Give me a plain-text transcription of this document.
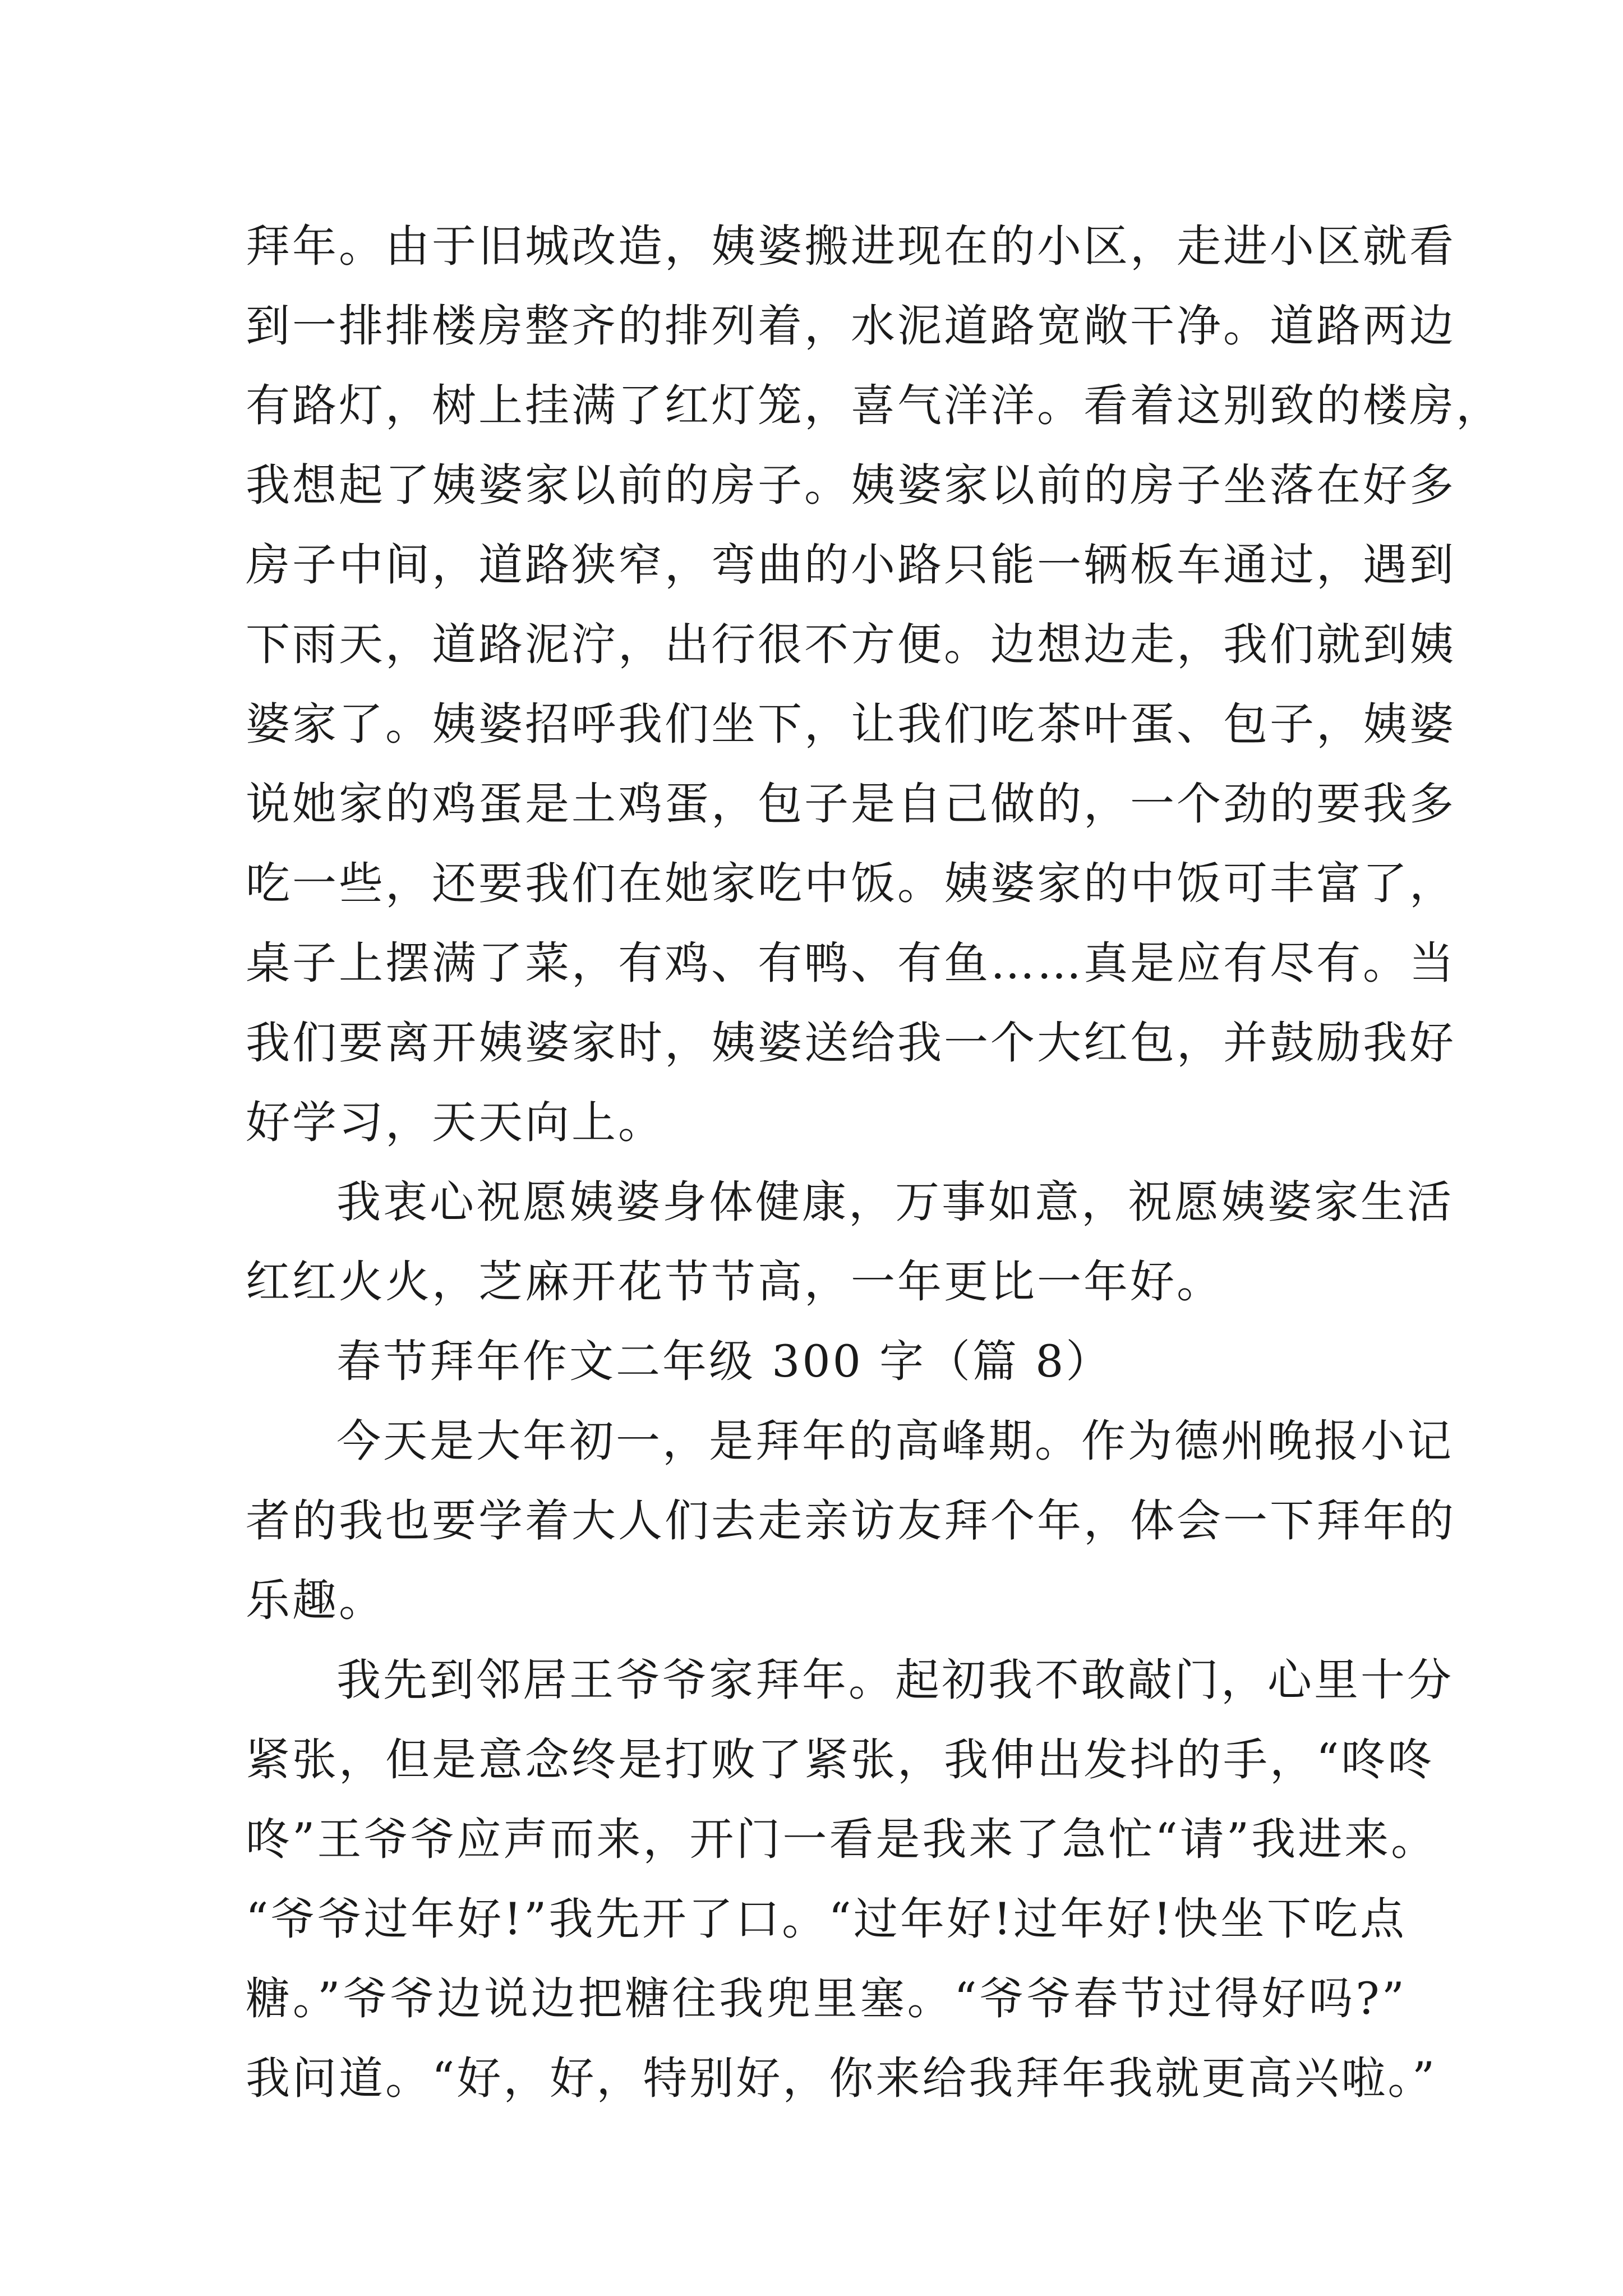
拜年。由于旧城改造，姨婆搬进现在的小区，走进小区就看
到一排排楼房整齐的排列着，水泥道路宽敞干净。道路两边
有路灯，树上挂满了红灯笼，喜气洋洋。看着这别致的楼房，
我想起了姨婆家以前的房子。姨婆家以前的房子坐落在好多
房子中间，道路狭窄，弯曲的小路只能一辆板车通过，遇到
下雨天，道路泥泞，出行很不方便。边想边走，我们就到姨
婆家了。姨婆招呼我们坐下，让我们吃茶叶蛋、包子，姨婆
说她家的鸡蛋是土鸡蛋，包子是自己做的，一个劲的要我多
吃一些，还要我们在她家吃中饭。姨婆家的中饭可丰富了，
桌子上摆满了菜，有鸡、有鸭、有鱼……真是应有尽有。当
我们要离开姨婆家时，姨婆送给我一个大红包，并鼓励我好
好学习，天天向上。
我衷心祝愿姨婆身体健康，万事如意，祝愿姨婆家生活
红红火火，芝麻开花节节高，一年更比一年好。
春节拜年作文二年级 300 字（篇 8）
今天是大年初一，是拜年的高峰期。作为德州晚报小记
者的我也要学着大人们去走亲访友拜个年，体会一下拜年的
乐趣。
我先到邻居王爷爷家拜年。起初我不敢敲门，心里十分
紧张，但是意念终是打败了紧张，我伸出发抖的手，“咚咚
咚”王爷爷应声而来，开门一看是我来了急忙“请”我进来。
“爷爷过年好!”我先开了口。“过年好!过年好!快坐下吃点
糖。”爷爷边说边把糖往我兜里塞。“爷爷春节过得好吗?”
我问道。“好，好，特别好，你来给我拜年我就更高兴啦。”
